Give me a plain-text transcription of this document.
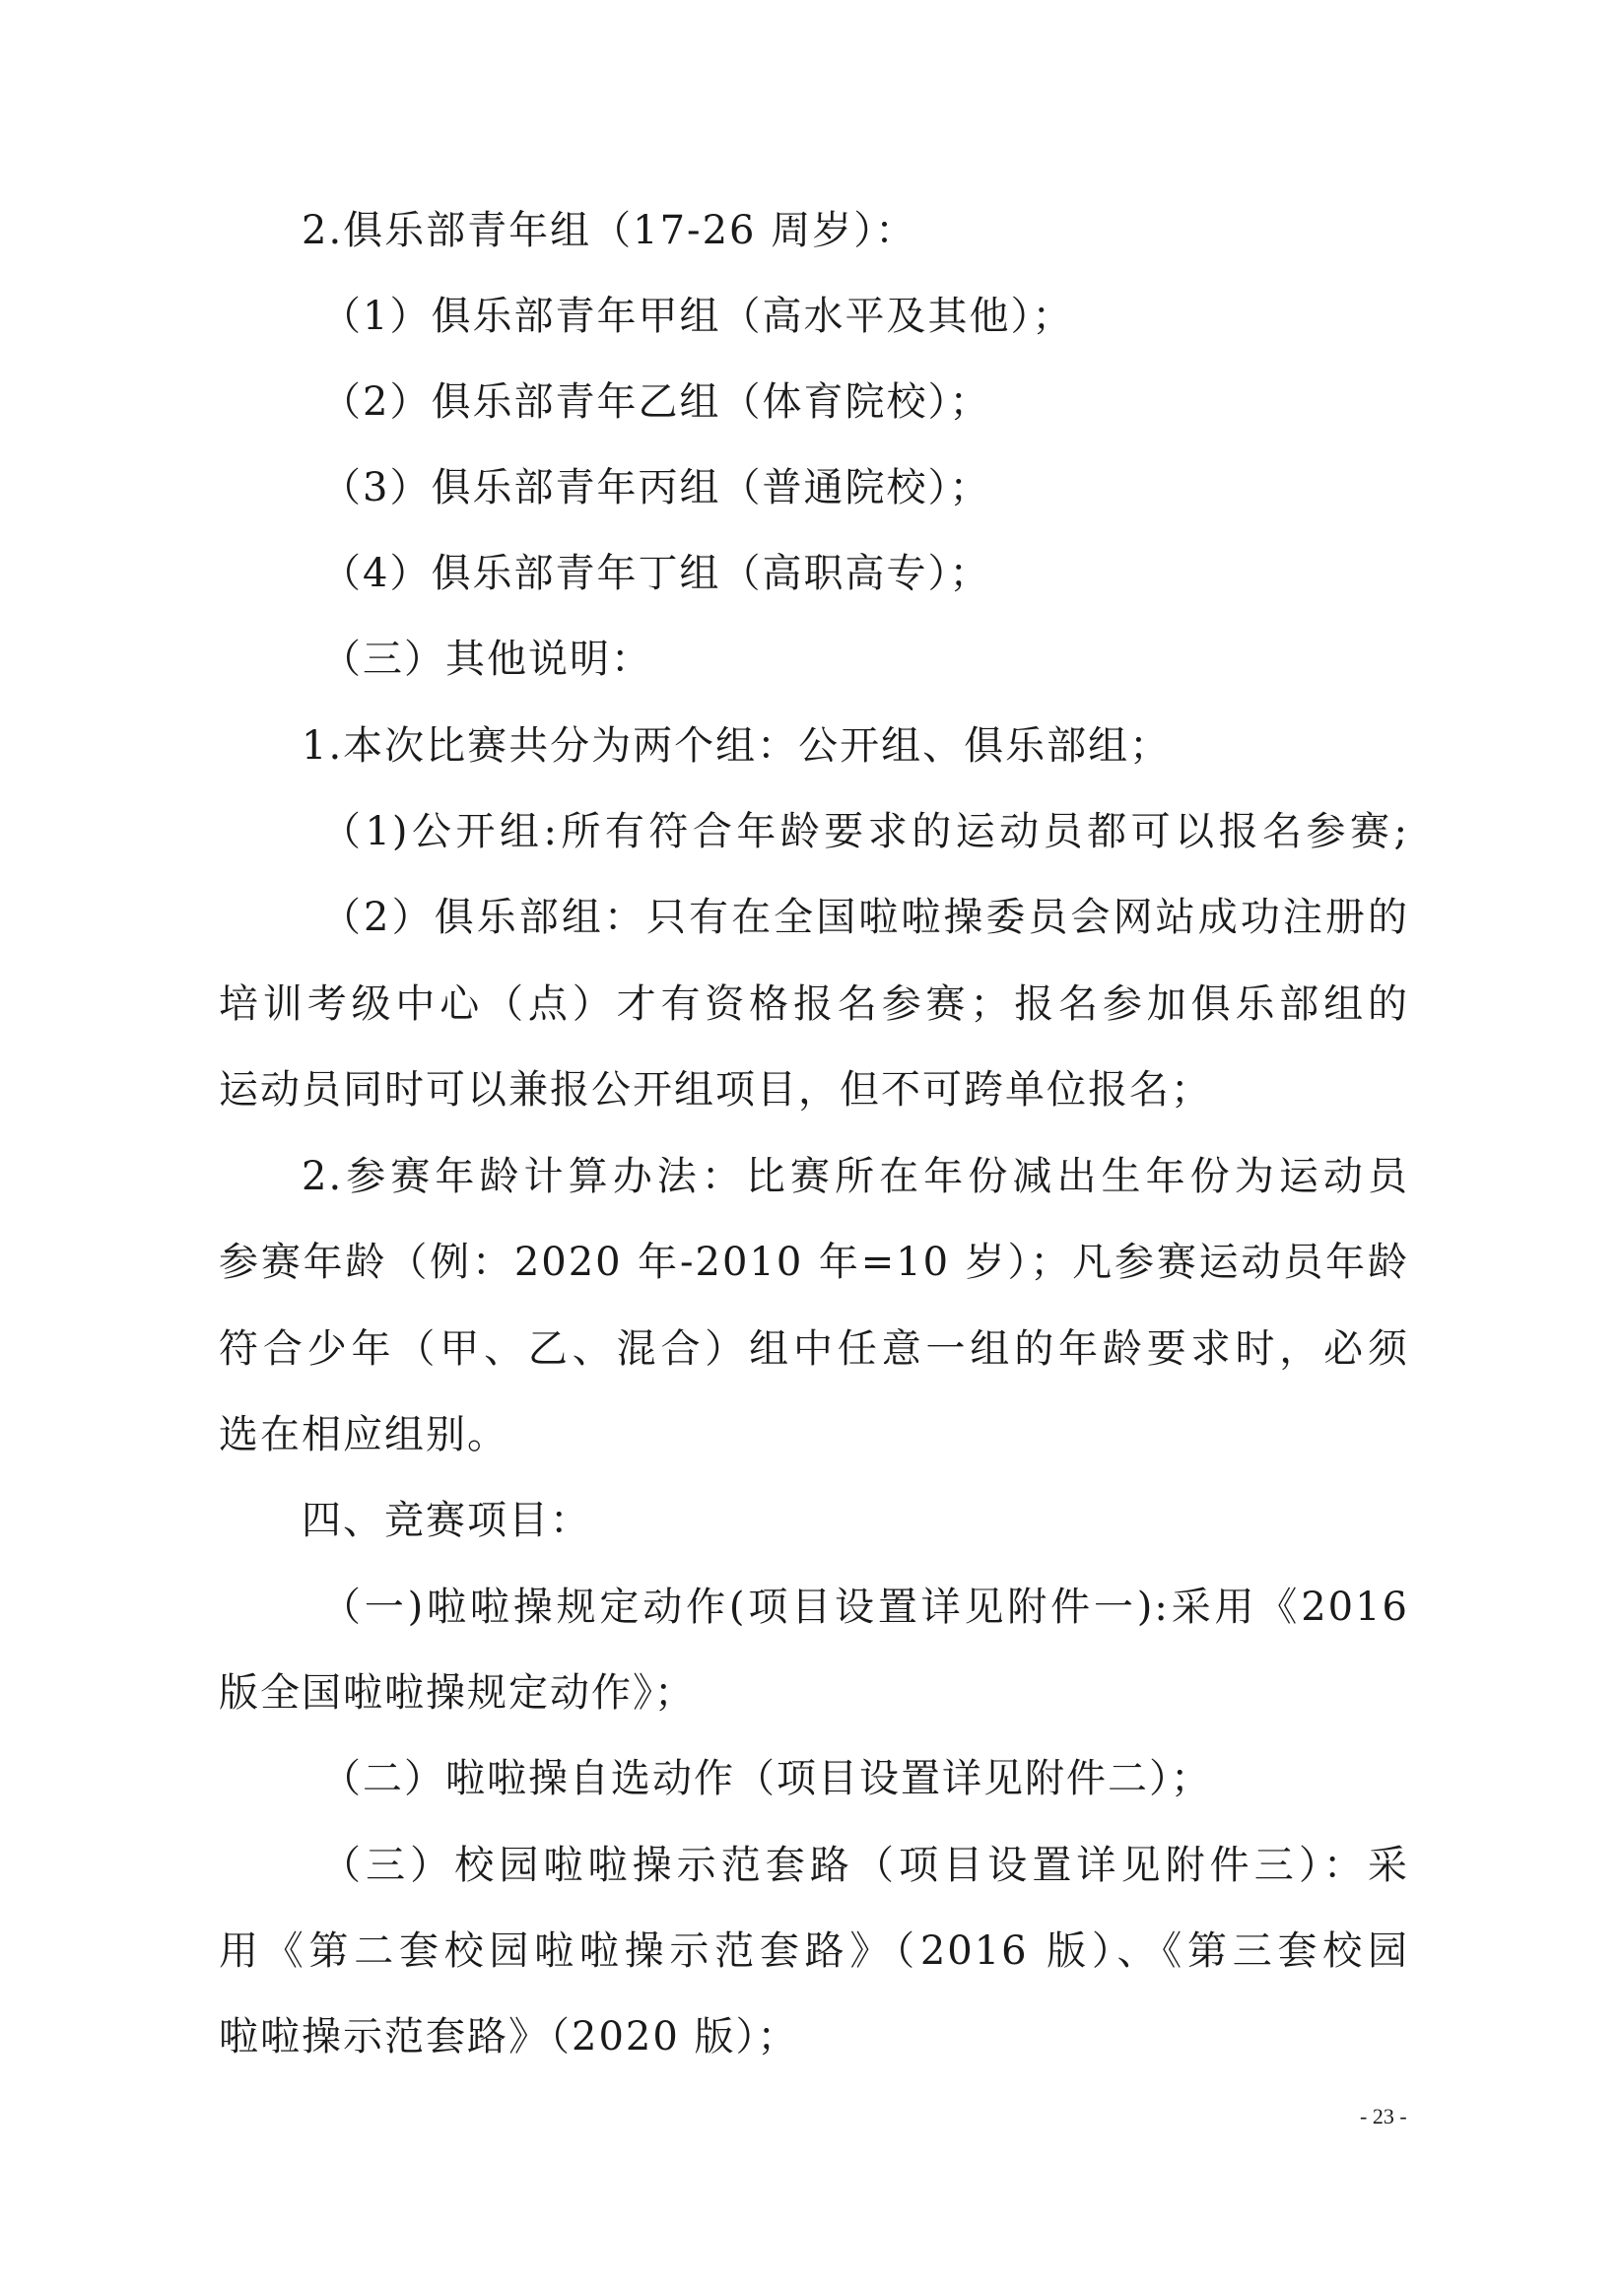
2.俱乐部青年组（17-26 周岁）：
（1）俱乐部青年甲组（高水平及其他）；
（2）俱乐部青年乙组（体育院校）；
（3）俱乐部青年丙组（普通院校）；
（4）俱乐部青年丁组（高职高专）；
（三）其他说明：
1.本次比赛共分为两个组：公开组、俱乐部组；
（1)公开组:所有符合年龄要求的运动员都可以报名参赛;
（2）俱乐部组：只有在全国啦啦操委员会网站成功注册的
培训考级中心（点）才有资格报名参赛；报名参加俱乐部组的
运动员同时可以兼报公开组项目，但不可跨单位报名；
2.参赛年龄计算办法：比赛所在年份减出生年份为运动员
参赛年龄（例：2020 年-2010 年=10 岁）；凡参赛运动员年龄
符合少年（甲、乙、混合）组中任意一组的年龄要求时，必须
选在相应组别。
四、竞赛项目：
（一)啦啦操规定动作(项目设置详见附件一):采用《2016
版全国啦啦操规定动作》；
（二）啦啦操自选动作（项目设置详见附件二）；
（三）校园啦啦操示范套路（项目设置详见附件三）：采
用《第二套校园啦啦操示范套路》（2016 版）、《第三套校园
啦啦操示范套路》（2020 版）；
- 23 -
